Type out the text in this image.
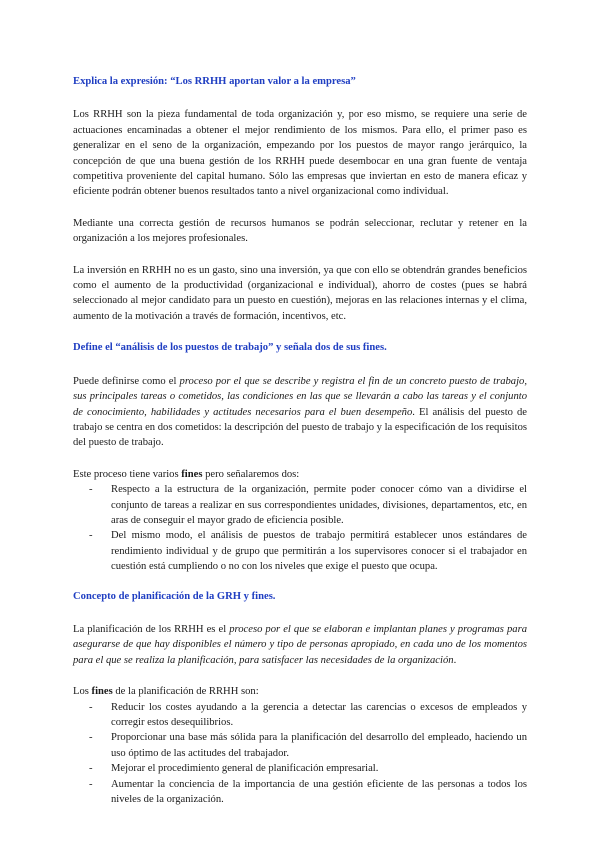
Explica la expresión: “Los RRHH aportan valor a la empresa”

Los RRHH son la pieza fundamental de toda organización y, por eso mismo, se requiere una serie de actuaciones encaminadas a obtener el mejor rendimiento de los mismos. Para ello, el primer paso es generalizar en el seno de la organización, empezando por los puestos de mayor rango jerárquico, la concepción de que una buena gestión de los RRHH puede desembocar en una gran fuente de ventaja competitiva proveniente del capital humano. Sólo las empresas que inviertan en esto de manera eficaz y eficiente podrán obtener buenos resultados tanto a nivel organizacional como individual.

Mediante una correcta gestión de recursos humanos se podrán seleccionar, reclutar y retener en la organización a los mejores profesionales.

La inversión en RRHH no es un gasto, sino una inversión, ya que con ello se obtendrán grandes beneficios como el aumento de la productividad (organizacional e individual), ahorro de costes (pues se habrá seleccionado al mejor candidato para un puesto en cuestión), mejoras en las relaciones internas y el clima, aumento de la motivación a través de formación, incentivos, etc.

Define el “análisis de los puestos de trabajo” y señala dos de sus fines.

Puede definirse como el proceso por el que se describe y registra el fin de un concreto puesto de trabajo, sus principales tareas o cometidos, las condiciones en las que se llevarán a cabo las tareas y el conjunto de conocimiento, habilidades y actitudes necesarios para el buen desempeño. El análisis del puesto de trabajo se centra en dos cometidos: la descripción del puesto de trabajo y la especificación de los requisitos del puesto de trabajo.

Este proceso tiene varios fines pero señalaremos dos:

- Respecto a la estructura de la organización, permite poder conocer cómo van a dividirse el conjunto de tareas a realizar en sus correspondientes unidades, divisiones, departamentos, etc, en aras de conseguir el mayor grado de eficiencia posible.
- Del mismo modo, el análisis de puestos de trabajo permitirá establecer unos estándares de rendimiento individual y de grupo que permitirán a los supervisores conocer si el trabajador en cuestión está cumpliendo o no con los niveles que exige el puesto que ocupa.
Concepto de planificación de la GRH y fines.

La planificación de los RRHH es el proceso por el que se elaboran e implantan planes y programas para asegurarse de que hay disponibles el número y tipo de personas apropiado, en cada uno de los momentos para el que se realiza la planificación, para satisfacer las necesidades de la organización.

Los fines de la planificación de RRHH son:

- Reducir los costes ayudando a la gerencia a detectar las carencias o excesos de empleados y corregir estos desequilibrios.
- Proporcionar una base más sólida para la planificación del desarrollo del empleado, haciendo un uso óptimo de las actitudes del trabajador.
- Mejorar el procedimiento general de planificación empresarial.
- Aumentar la conciencia de la importancia de una gestión eficiente de las personas a todos los niveles de la organización.
